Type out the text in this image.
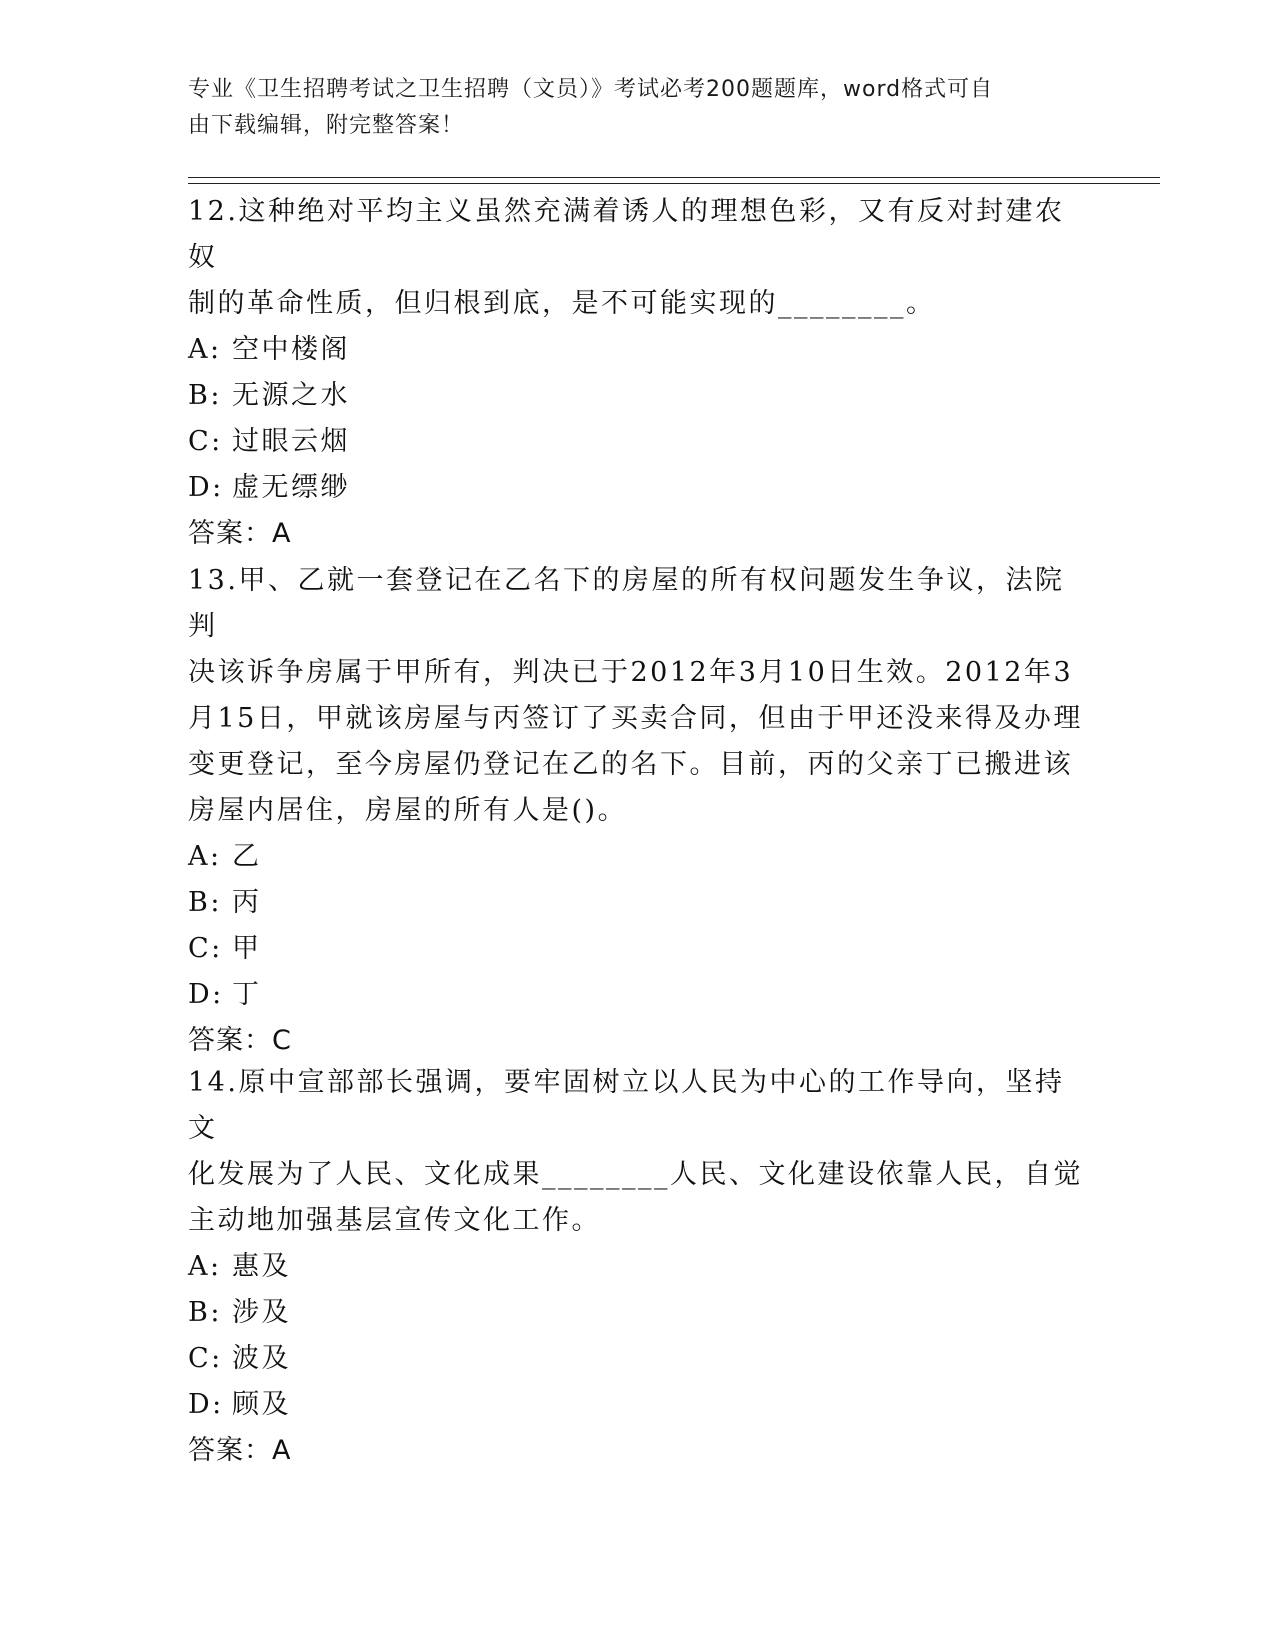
专业《卫生招聘考试之卫生招聘（文员）》考试必考200题题库，word格式可自
由下载编辑，附完整答案！

12.这种绝对平均主义虽然充满着诱人的理想色彩，又有反对封建农奴

制的革命性质，但归根到底，是不可能实现的________。

A: 空中楼阁

B: 无源之水

C: 过眼云烟

D: 虚无缥缈

答案：A

13.甲、乙就一套登记在乙名下的房屋的所有权问题发生争议，法院判

决该诉争房属于甲所有，判决已于2012年3月10日生效。2012年3

月15日，甲就该房屋与丙签订了买卖合同，但由于甲还没来得及办理

变更登记，至今房屋仍登记在乙的名下。目前，丙的父亲丁已搬进该

房屋内居住，房屋的所有人是()。

A: 乙

B: 丙

C: 甲

D: 丁

答案：C

14.原中宣部部长强调，要牢固树立以人民为中心的工作导向，坚持文

化发展为了人民、文化成果________人民、文化建设依靠人民，自觉

主动地加强基层宣传文化工作。

A: 惠及

B: 涉及

C: 波及

D: 顾及

答案：A
